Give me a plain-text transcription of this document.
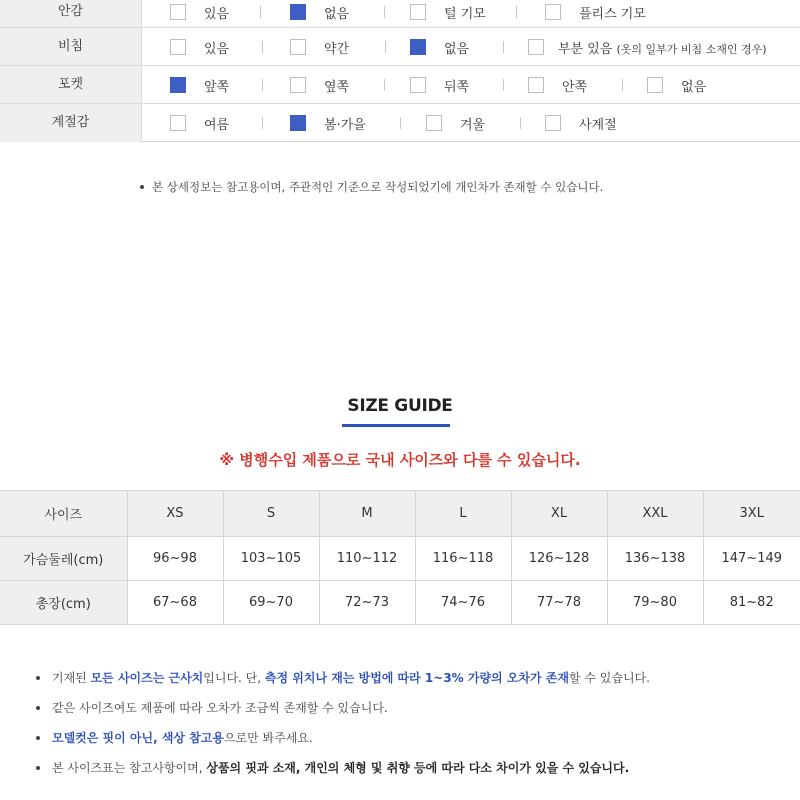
안감	있음	없음	털 기모	플리스 기모
비침	있음	약간	없음	부분 있음 (옷의 일부가 비침 소재인 경우)
포켓	앞쪽	옆쪽	뒤쪽	안쪽	없음
계절감	여름	봄·가을	겨울	사계절
본 상세정보는 참고용이며, 주관적인 기준으로 작성되었기에 개인차가 존재할 수 있습니다.
SIZE GUIDE
※ 병행수입 제품으로 국내 사이즈와 다를 수 있습니다.
사이즈	XS	S	M	L	XL	XXL	3XL
가슴둘레(cm)	96~98	103~105	110~112	116~118	126~128	136~138	147~149
총장(cm)	67~68	69~70	72~73	74~76	77~78	79~80	81~82
기재된 모든 사이즈는 근사치입니다. 단, 측정 위치나 재는 방법에 따라 1~3% 가량의 오차가 존재할 수 있습니다.
같은 사이즈여도 제품에 따라 오차가 조금씩 존재할 수 있습니다.
모델컷은 핏이 아닌, 색상 참고용으로만 봐주세요.
본 사이즈표는 참고사항이며, 상품의 핏과 소재, 개인의 체형 및 취향 등에 따라 다소 차이가 있을 수 있습니다.
